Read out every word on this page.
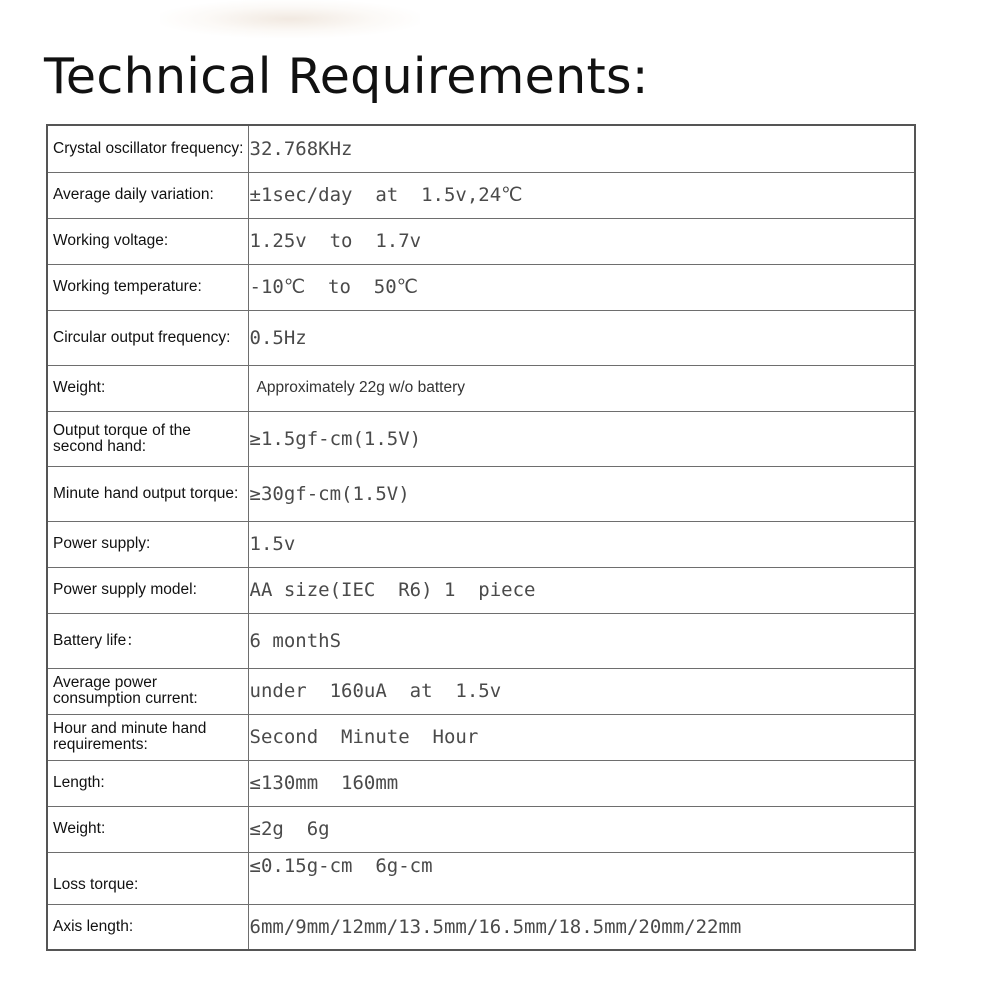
Technical Requirements:
Crystal oscillator frequency:	32.768KHz

Average daily variation:	±1sec/day  at  1.5v,24℃

Working voltage:	1.25v  to  1.7v

Working temperature:	-10℃  to  50℃

Circular output frequency:	0.5Hz

Weight:	Approximately 22g w/o battery

Output torque of the second hand:	≥1.5gf-cm(1.5V)

Minute hand output torque:	≥30gf-cm(1.5V)

Power supply:	1.5v

Power supply model:	AA size(IEC  R6) 1  piece

Battery life：	6 monthS

Average power consumption current:	under  160uA  at  1.5v

Hour and minute hand requirements:	Second  Minute  Hour

Length:	≤130mm  160mm

Weight:	≤2g  6g

Loss torque:	≤0.15g-cm  6g-cm

Axis length:	6mm/9mm/12mm/13.5mm/16.5mm/18.5mm/20mm/22mm
